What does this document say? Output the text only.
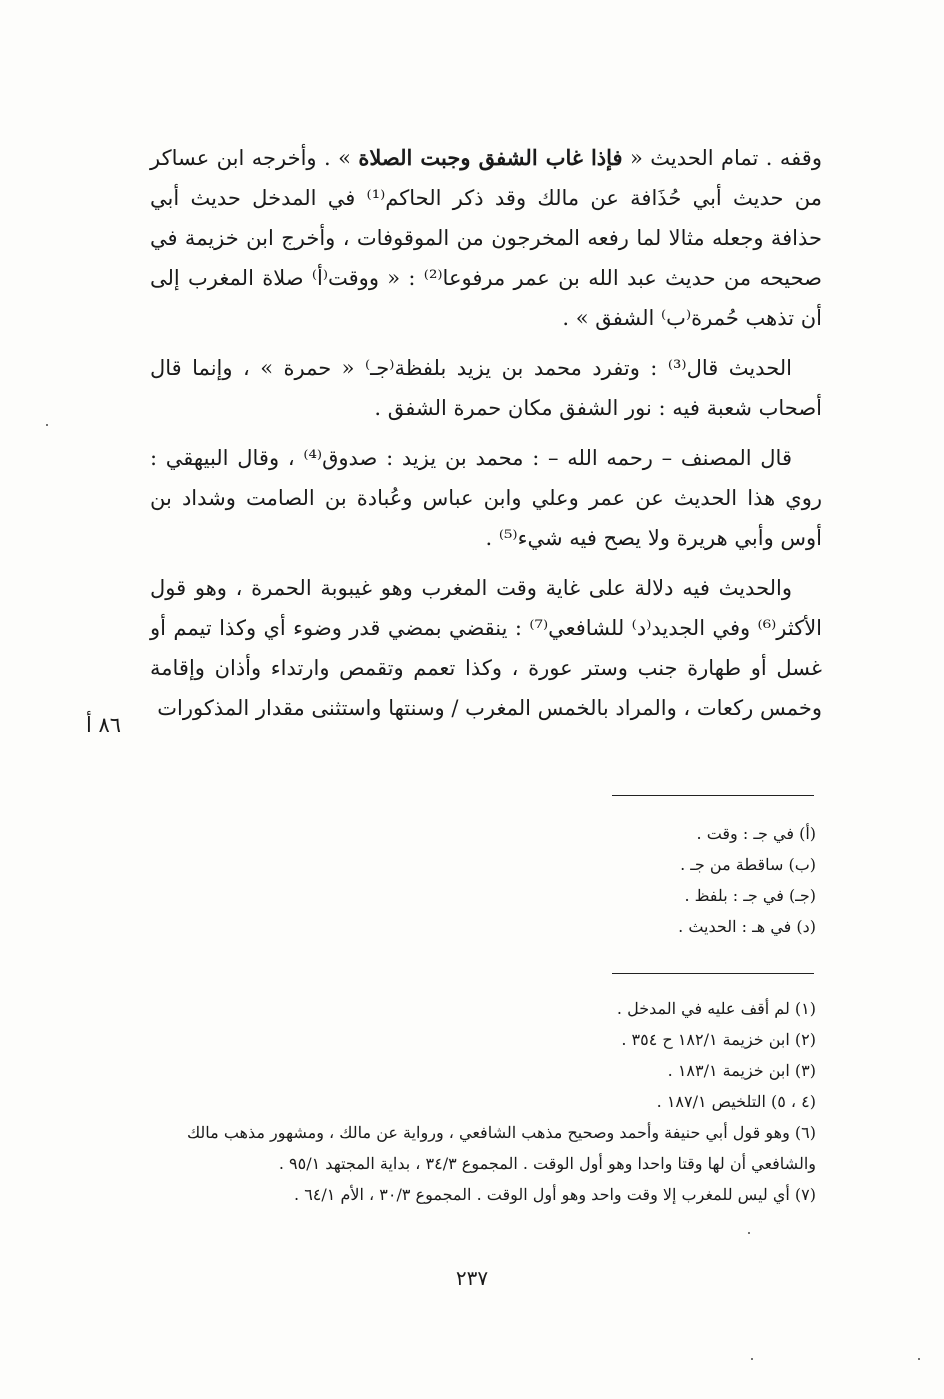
وقفه . تمام الحديث « فإذا غاب الشفق وجبت الصلاة » . وأخرجه ابن عساكر من حديث أبي حُذَافة عن مالك وقد ذكر الحاكم⁽¹⁾ في المدخل حديث أبي حذافة وجعله مثالا لما رفعه المخرجون من الموقوفات ، وأخرج ابن خزيمة في صحيحه من حديث عبد الله بن عمر مرفوعا⁽²⁾ : « ووقت⁽أ⁾ صلاة المغرب إلى أن تذهب حُمرة⁽ب⁾ الشفق » .

الحديث قال⁽³⁾ : وتفرد محمد بن يزيد بلفظة⁽جـ⁾ « حمرة » ، وإنما قال أصحاب شعبة فيه : نور الشفق مكان حمرة الشفق .

قال المصنف – رحمه الله – : محمد بن يزيد : صدوق⁽⁴⁾ ، وقال البيهقي : روي هذا الحديث عن عمر وعلي وابن عباس وعُبادة بن الصامت وشداد بن أوس وأبي هريرة ولا يصح فيه شيء⁽⁵⁾ .

والحديث فيه دلالة على غاية وقت المغرب وهو غيبوبة الحمرة ، وهو قول الأكثر⁽⁶⁾ وفي الجديد⁽د⁾ للشافعي⁽⁷⁾ : ينقضي بمضي قدر وضوء أي وكذا تيمم أو غسل أو طهارة جنب وستر عورة ، وكذا تعمم وتقمص وارتداء وأذان وإقامة وخمس ركعات ، والمراد بالخمس المغرب / وسنتها واستثنى مقدار المذكورات

٨٦ أ
(أ) في جـ : وقت .
(ب) ساقطة من جـ .
(جـ) في جـ : بلفظ .
(د) في هـ : الحديث .
(١) لم أقف عليه في المدخل .
(٢) ابن خزيمة ١٨٢/١ ح ٣٥٤ .
(٣) ابن خزيمة ١٨٣/١ .
(٤ ، ٥) التلخيص ١٨٧/١ .
(٦) وهو قول أبي حنيفة وأحمد وصحيح مذهب الشافعي ، ورواية عن مالك ، ومشهور مذهب مالك والشافعي أن لها وقتا واحدا وهو أول الوقت . المجموع ٣٤/٣ ، بداية المجتهد ٩٥/١ .
(٧) أي ليس للمغرب إلا وقت واحد وهو أول الوقت . المجموع ٣٠/٣ ، الأم ٦٤/١ .
٢٣٧
